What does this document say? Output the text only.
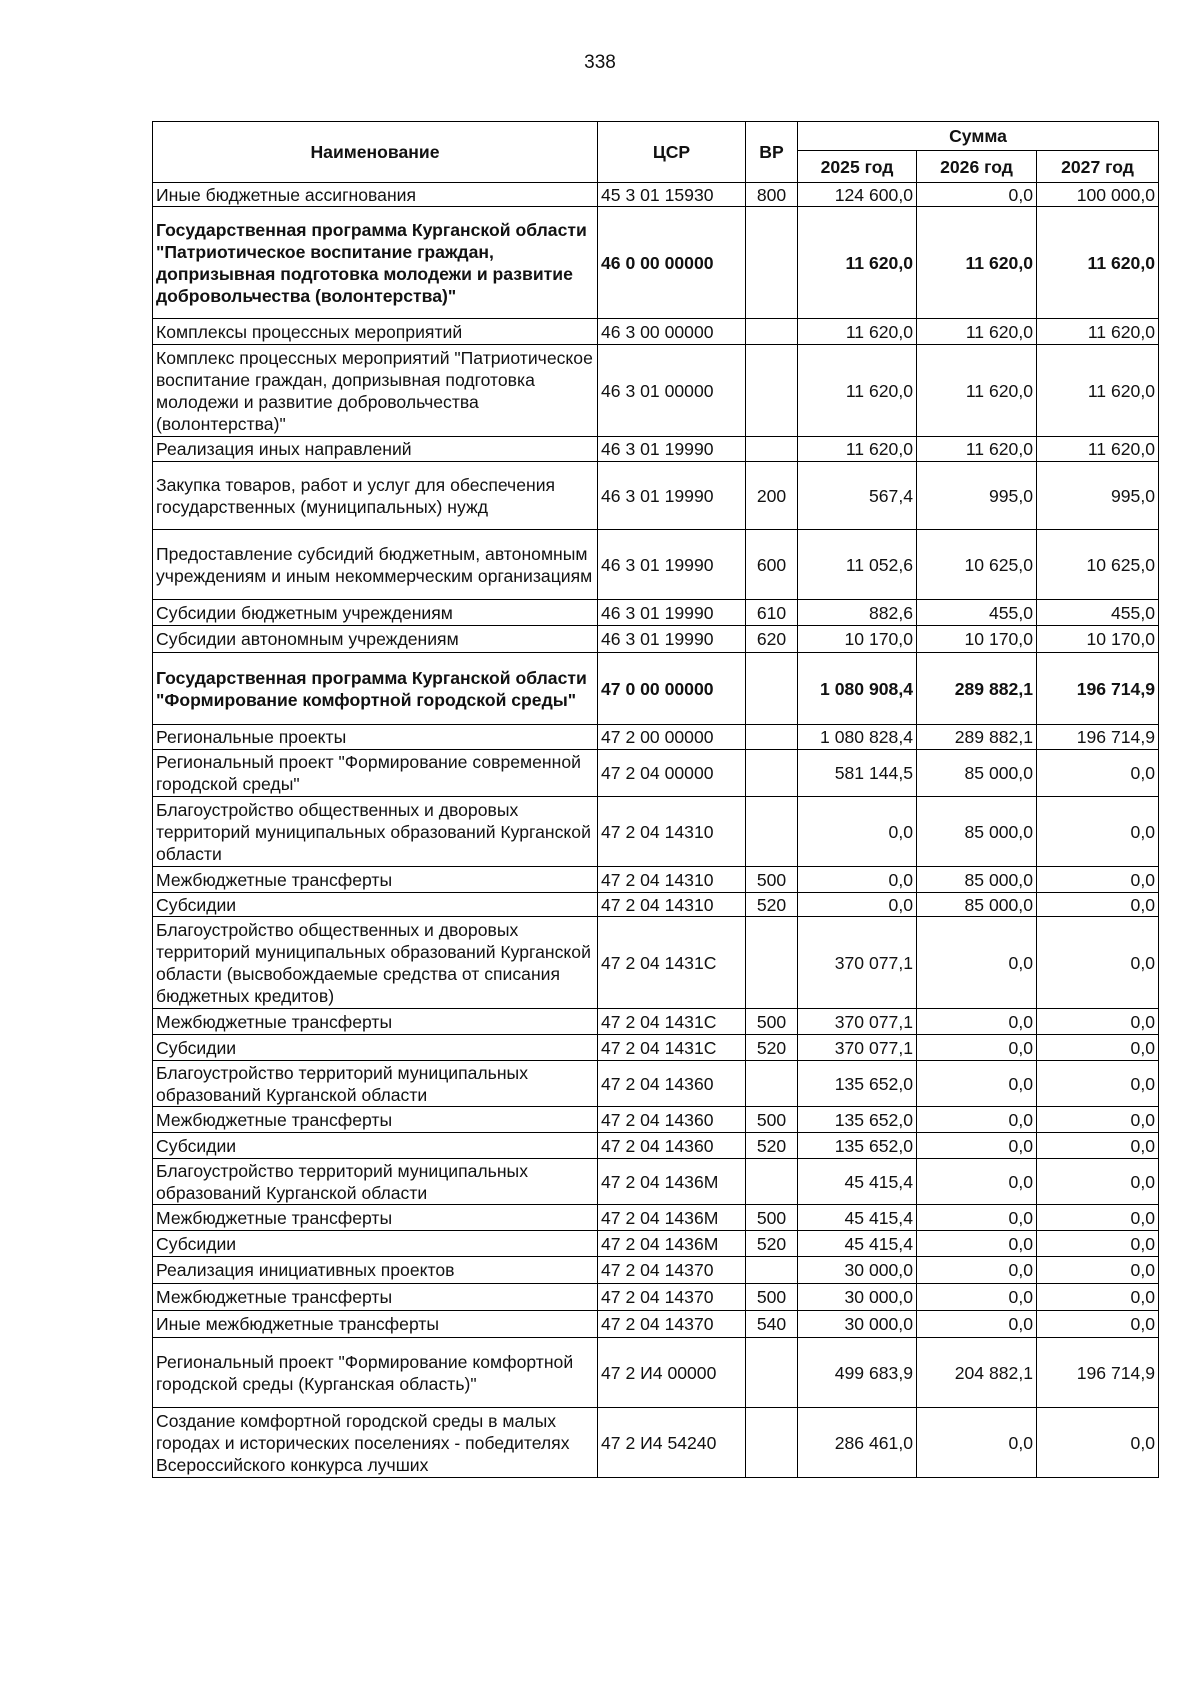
338
Наименование	ЦСР	ВР	Сумма		
			2025 год	2026 год	2027 год
Иные бюджетные ассигнования	45 3 01 15930	800	124 600,0	0,0	100 000,0
Государственная программа Курганской области "Патриотическое воспитание граждан, допризывная подготовка молодежи и развитие добровольчества (волонтерства)"	46 0 00 00000		11 620,0	11 620,0	11 620,0
Комплексы процессных мероприятий	46 3 00 00000		11 620,0	11 620,0	11 620,0
Комплекс процессных мероприятий "Патриотическое воспитание граждан, допризывная подготовка молодежи и развитие добровольчества (волонтерства)"	46 3 01 00000		11 620,0	11 620,0	11 620,0
Реализация иных направлений	46 3 01 19990		11 620,0	11 620,0	11 620,0
Закупка товаров, работ и услуг для обеспечения государственных (муниципальных) нужд	46 3 01 19990	200	567,4	995,0	995,0
Предоставление субсидий бюджетным, автономным учреждениям и иным некоммерческим организациям	46 3 01 19990	600	11 052,6	10 625,0	10 625,0
Субсидии бюджетным учреждениям	46 3 01 19990	610	882,6	455,0	455,0
Субсидии автономным учреждениям	46 3 01 19990	620	10 170,0	10 170,0	10 170,0
Государственная программа Курганской области "Формирование комфортной городской среды"	47 0 00 00000		1 080 908,4	289 882,1	196 714,9
Региональные проекты	47 2 00 00000		1 080 828,4	289 882,1	196 714,9
Региональный проект "Формирование современной городской среды"	47 2 04 00000		581 144,5	85 000,0	0,0
Благоустройство общественных и дворовых территорий муниципальных образований Курганской области	47 2 04 14310		0,0	85 000,0	0,0
Межбюджетные трансферты	47 2 04 14310	500	0,0	85 000,0	0,0
Субсидии	47 2 04 14310	520	0,0	85 000,0	0,0
Благоустройство общественных и дворовых территорий муниципальных образований Курганской области (высвобождаемые средства от списания бюджетных кредитов)	47 2 04 1431С		370 077,1	0,0	0,0
Межбюджетные трансферты	47 2 04 1431С	500	370 077,1	0,0	0,0
Субсидии	47 2 04 1431С	520	370 077,1	0,0	0,0
Благоустройство территорий муниципальных образований Курганской области	47 2 04 14360		135 652,0	0,0	0,0
Межбюджетные трансферты	47 2 04 14360	500	135 652,0	0,0	0,0
Субсидии	47 2 04 14360	520	135 652,0	0,0	0,0
Благоустройство территорий муниципальных образований Курганской области	47 2 04 1436М		45 415,4	0,0	0,0
Межбюджетные трансферты	47 2 04 1436М	500	45 415,4	0,0	0,0
Субсидии	47 2 04 1436М	520	45 415,4	0,0	0,0
Реализация инициативных проектов	47 2 04 14370		30 000,0	0,0	0,0
Межбюджетные трансферты	47 2 04 14370	500	30 000,0	0,0	0,0
Иные межбюджетные трансферты	47 2 04 14370	540	30 000,0	0,0	0,0
Региональный проект "Формирование комфортной городской среды (Курганская область)"	47 2 И4 00000		499 683,9	204 882,1	196 714,9
Создание комфортной городской среды в малых городах и исторических поселениях - победителях Всероссийского конкурса лучших	47 2 И4 54240		286 461,0	0,0	0,0
